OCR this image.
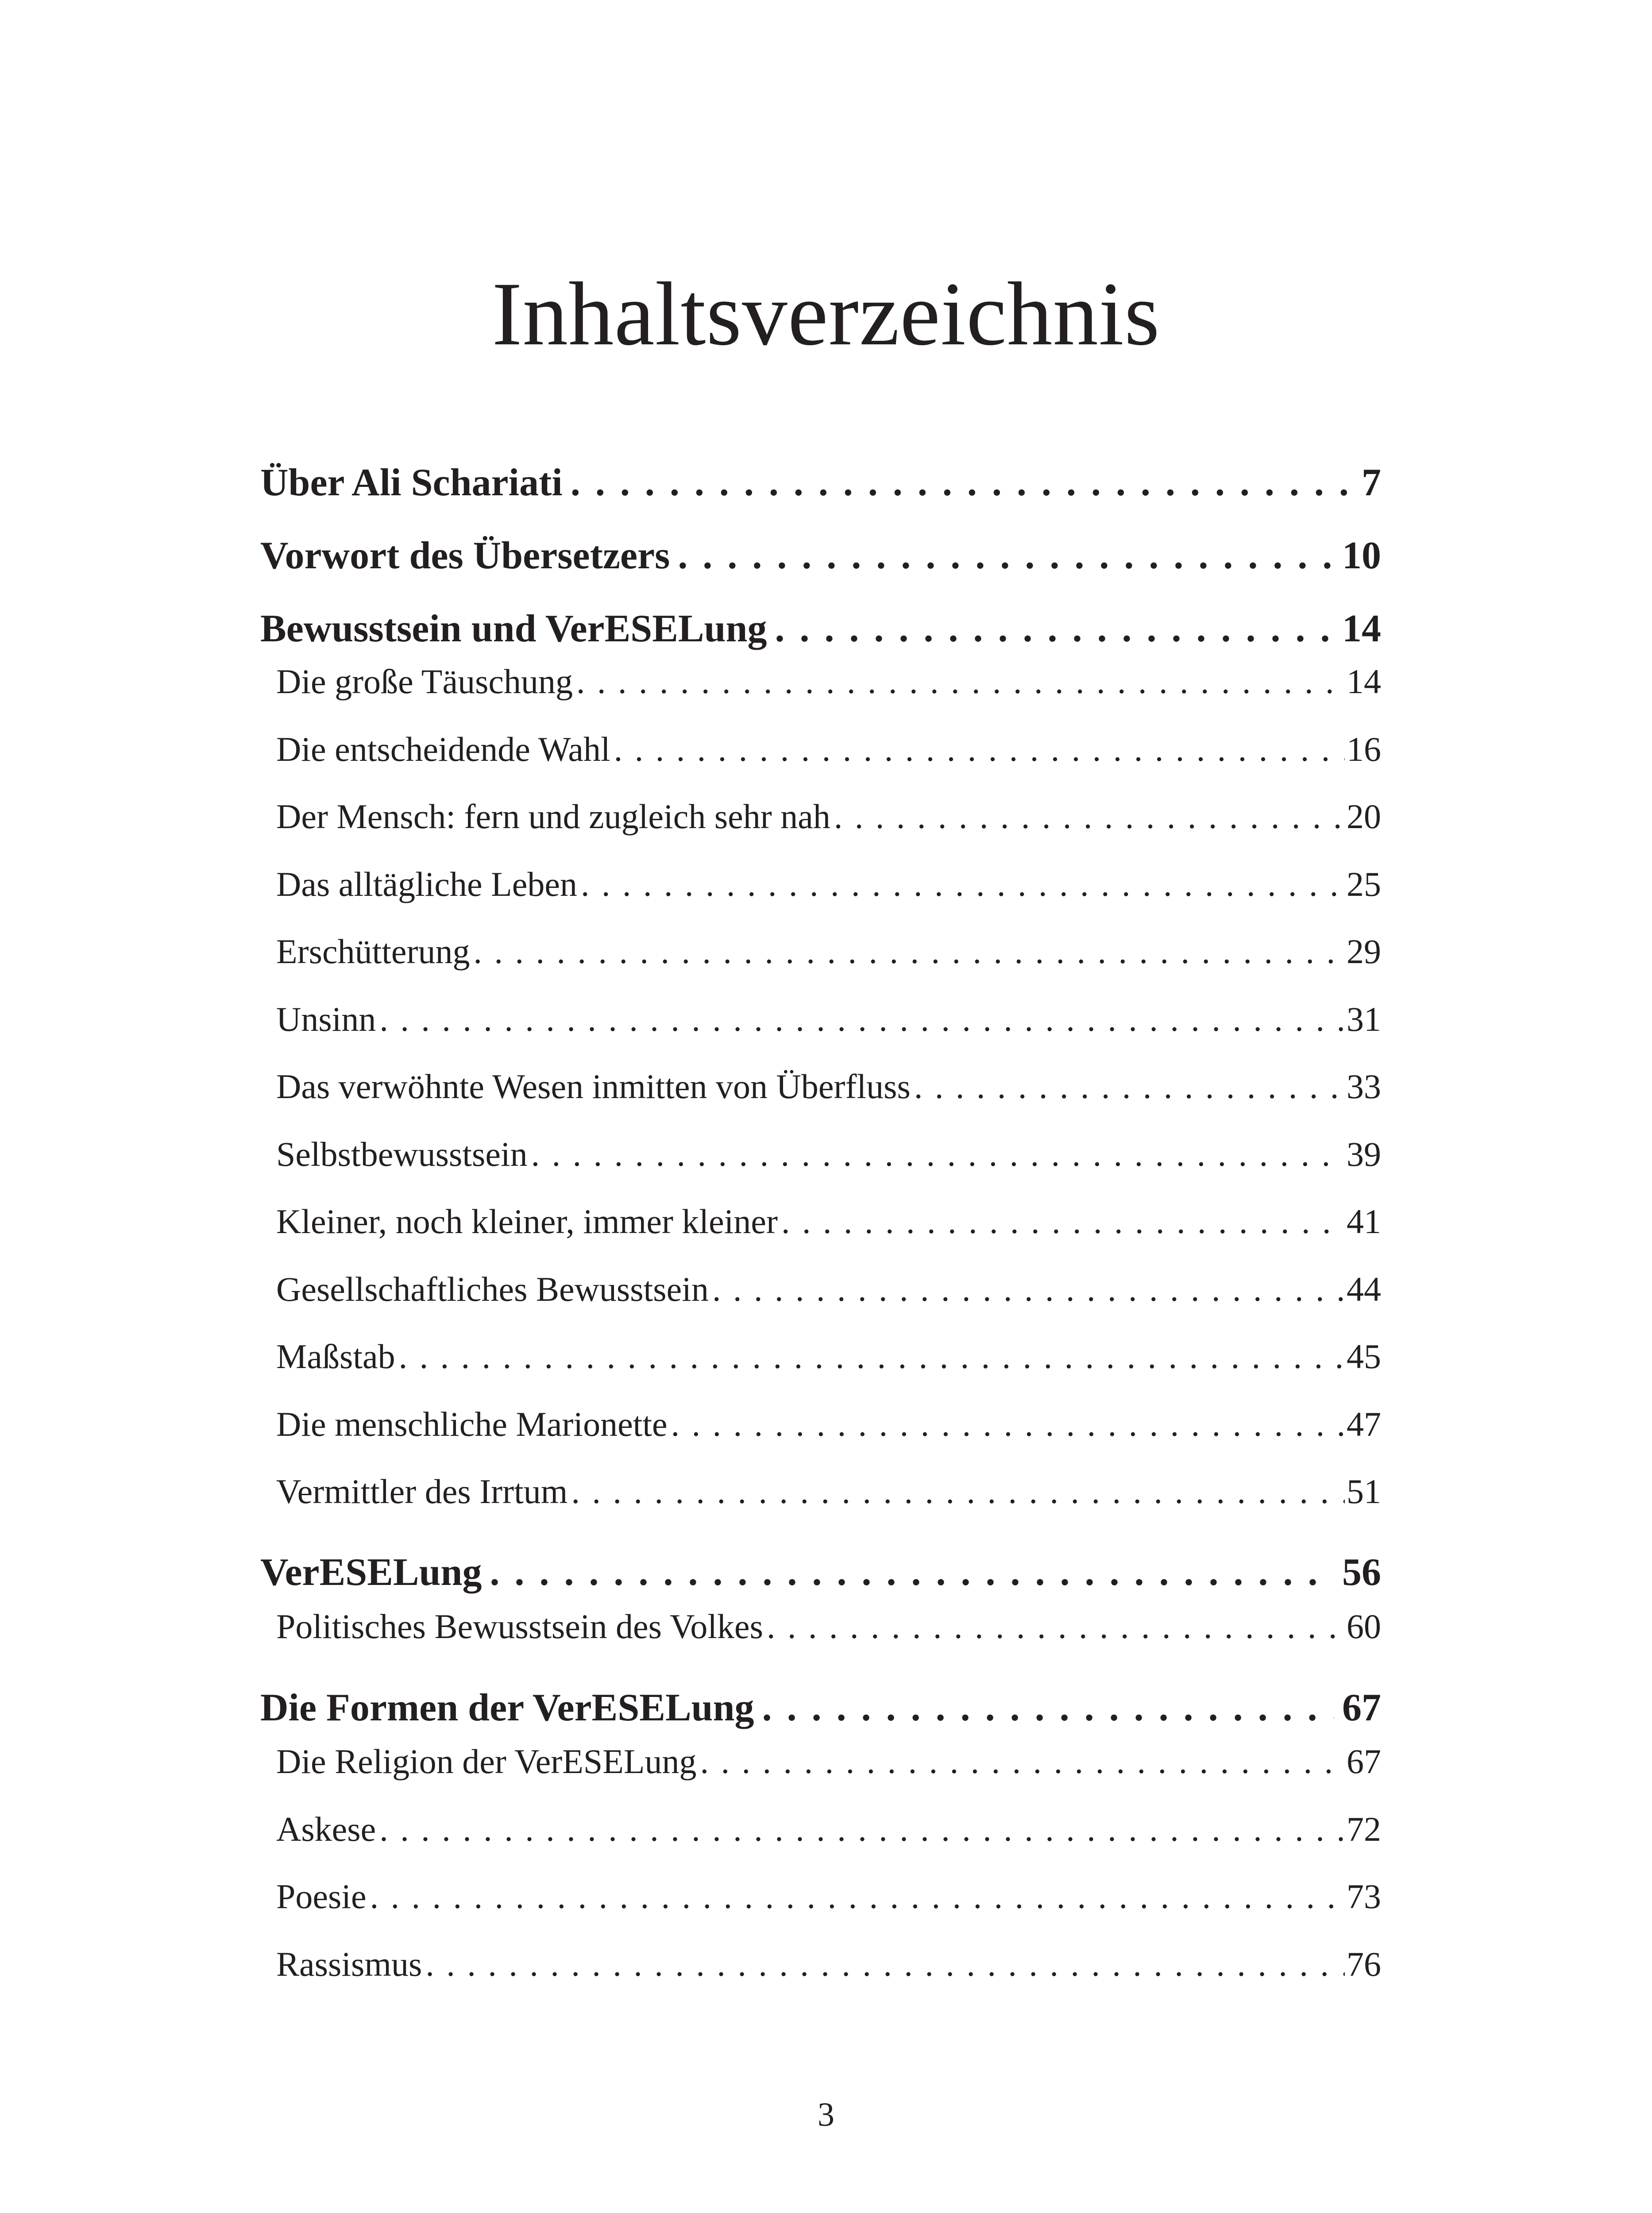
Inhaltsverzeichnis
Über Ali Schariati . . .	7
Vorwort des Übersetzers . . .	10
Bewusstsein und VerESELung . . .	14
Die große Täuschung . . .	14
Die entscheidende Wahl . . .	16
Der Mensch: fern und zugleich sehr nah . . .	20
Das alltägliche Leben . . .	25
Erschütterung . . .	29
Unsinn . . .	31
Das verwöhnte Wesen inmitten von Überfluss . . .	33
Selbstbewusstsein . . .	39
Kleiner, noch kleiner, immer kleiner . . .	41
Gesellschaftliches Bewusstsein . . .	44
Maßstab . . .	45
Die menschliche Marionette . . .	47
Vermittler des Irrtum . . .	51
VerESELung . . .	56
Politisches Bewusstsein des Volkes . . .	60
Die Formen der VerESELung . . .	67
Die Religion der VerESELung . . .	67
Askese . . .	72
Poesie . . .	73
Rassismus . . .	76
3
